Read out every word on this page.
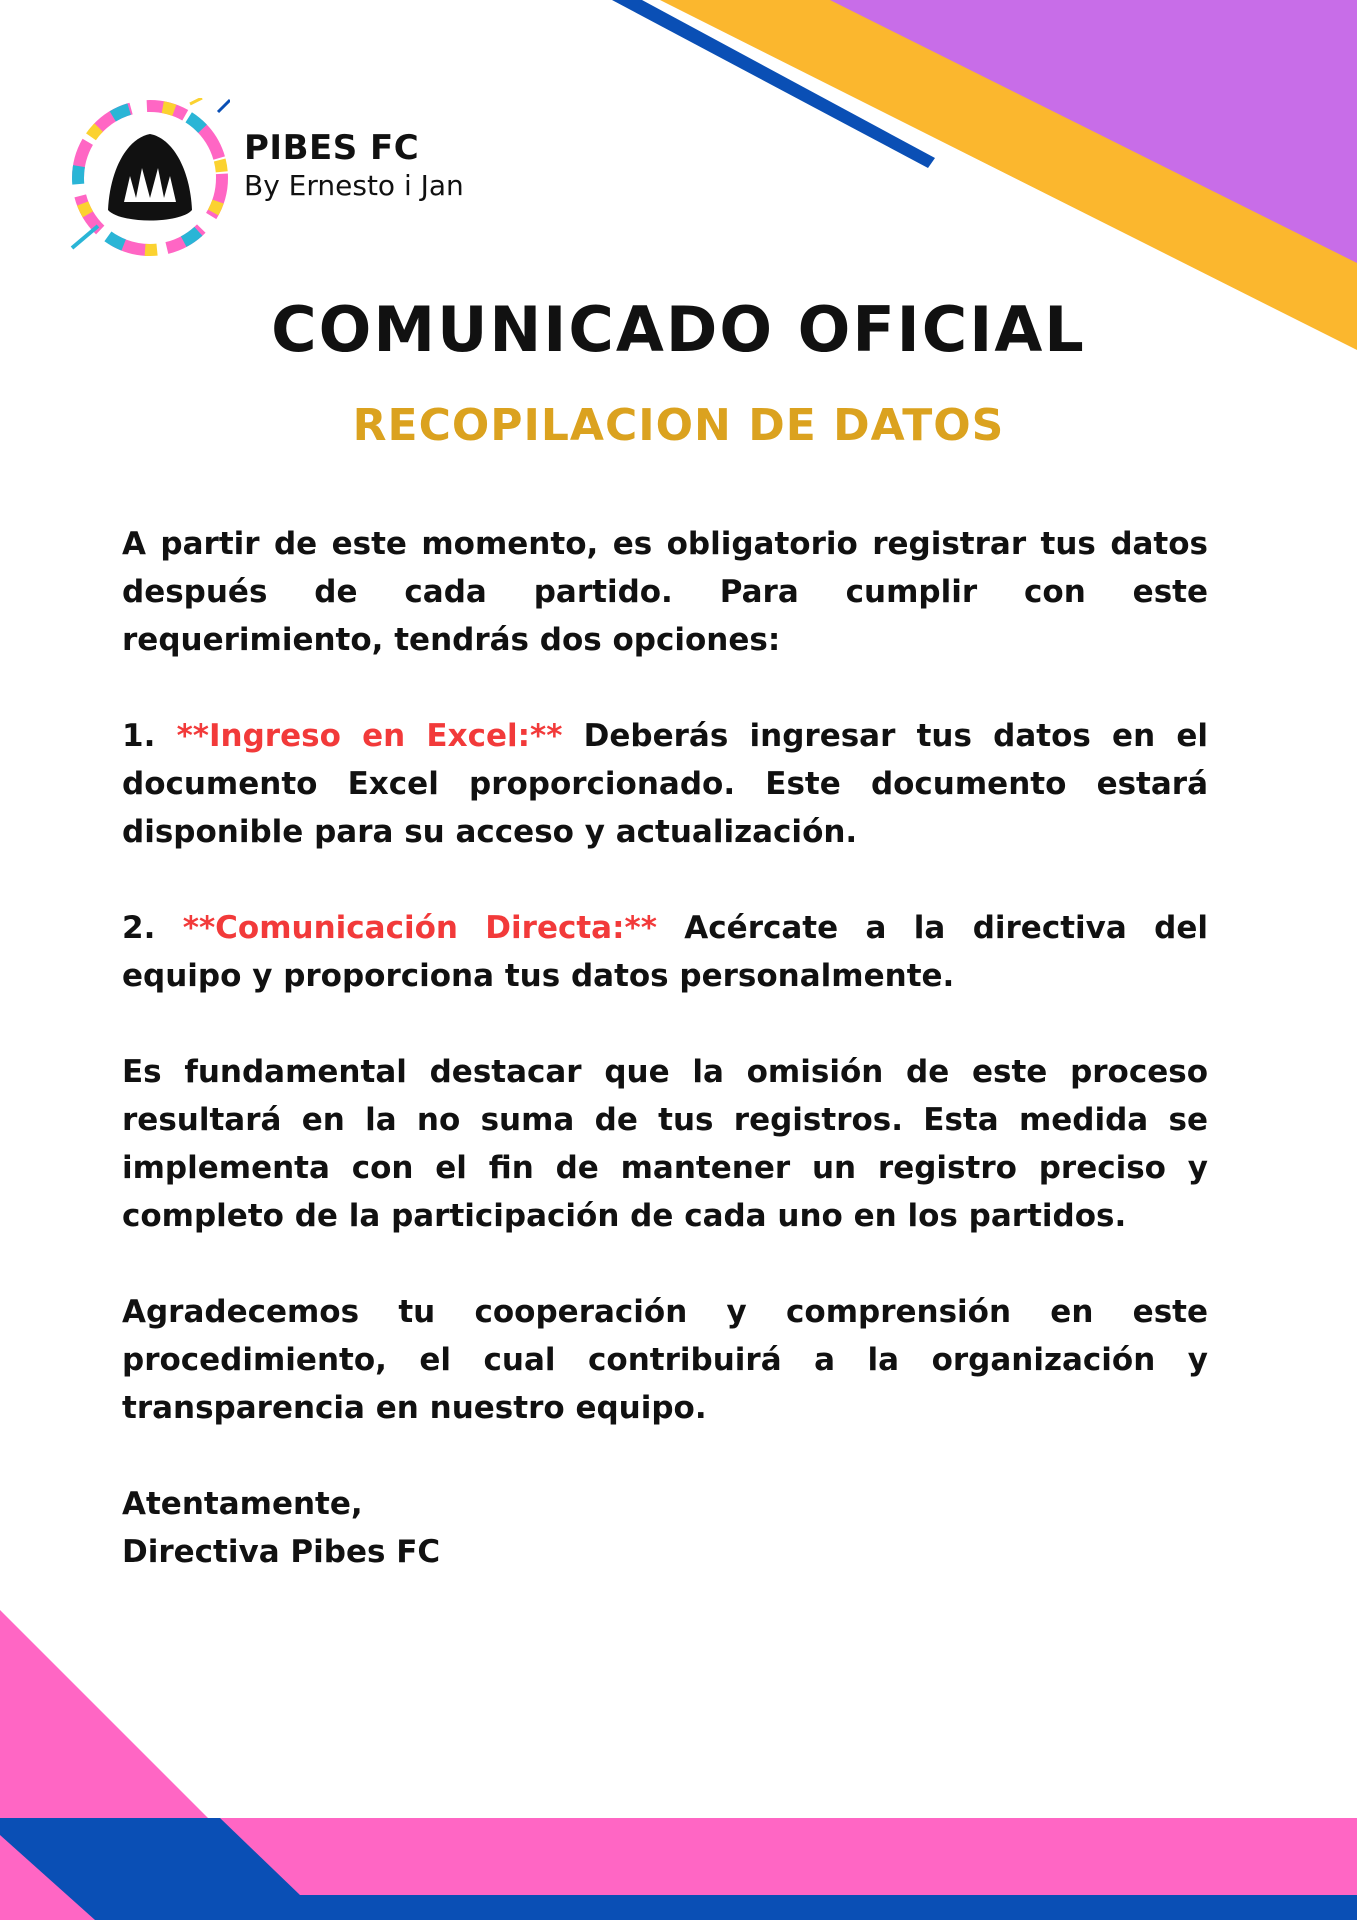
PIBES FC
By Ernesto i Jan
COMUNICADO OFICIAL
RECOPILACION DE DATOS

A partir de este momento, es obligatorio registrar tus datos después de cada partido. Para cumplir con este requerimiento, tendrás dos opciones:

1. **Ingreso en Excel:** Deberás ingresar tus datos en el documento Excel proporcionado. Este documento estará disponible para su acceso y actualización.

2. **Comunicación Directa:** Acércate a la directiva del equipo y proporciona tus datos personalmente.

Es fundamental destacar que la omisión de este proceso resultará en la no suma de tus registros. Esta medida se implementa con el fin de mantener un registro preciso y completo de la participación de cada uno en los partidos.

Agradecemos tu cooperación y comprensión en este procedimiento, el cual contribuirá a la organización y transparencia en nuestro equipo.

Atentamente,

Directiva Pibes FC
